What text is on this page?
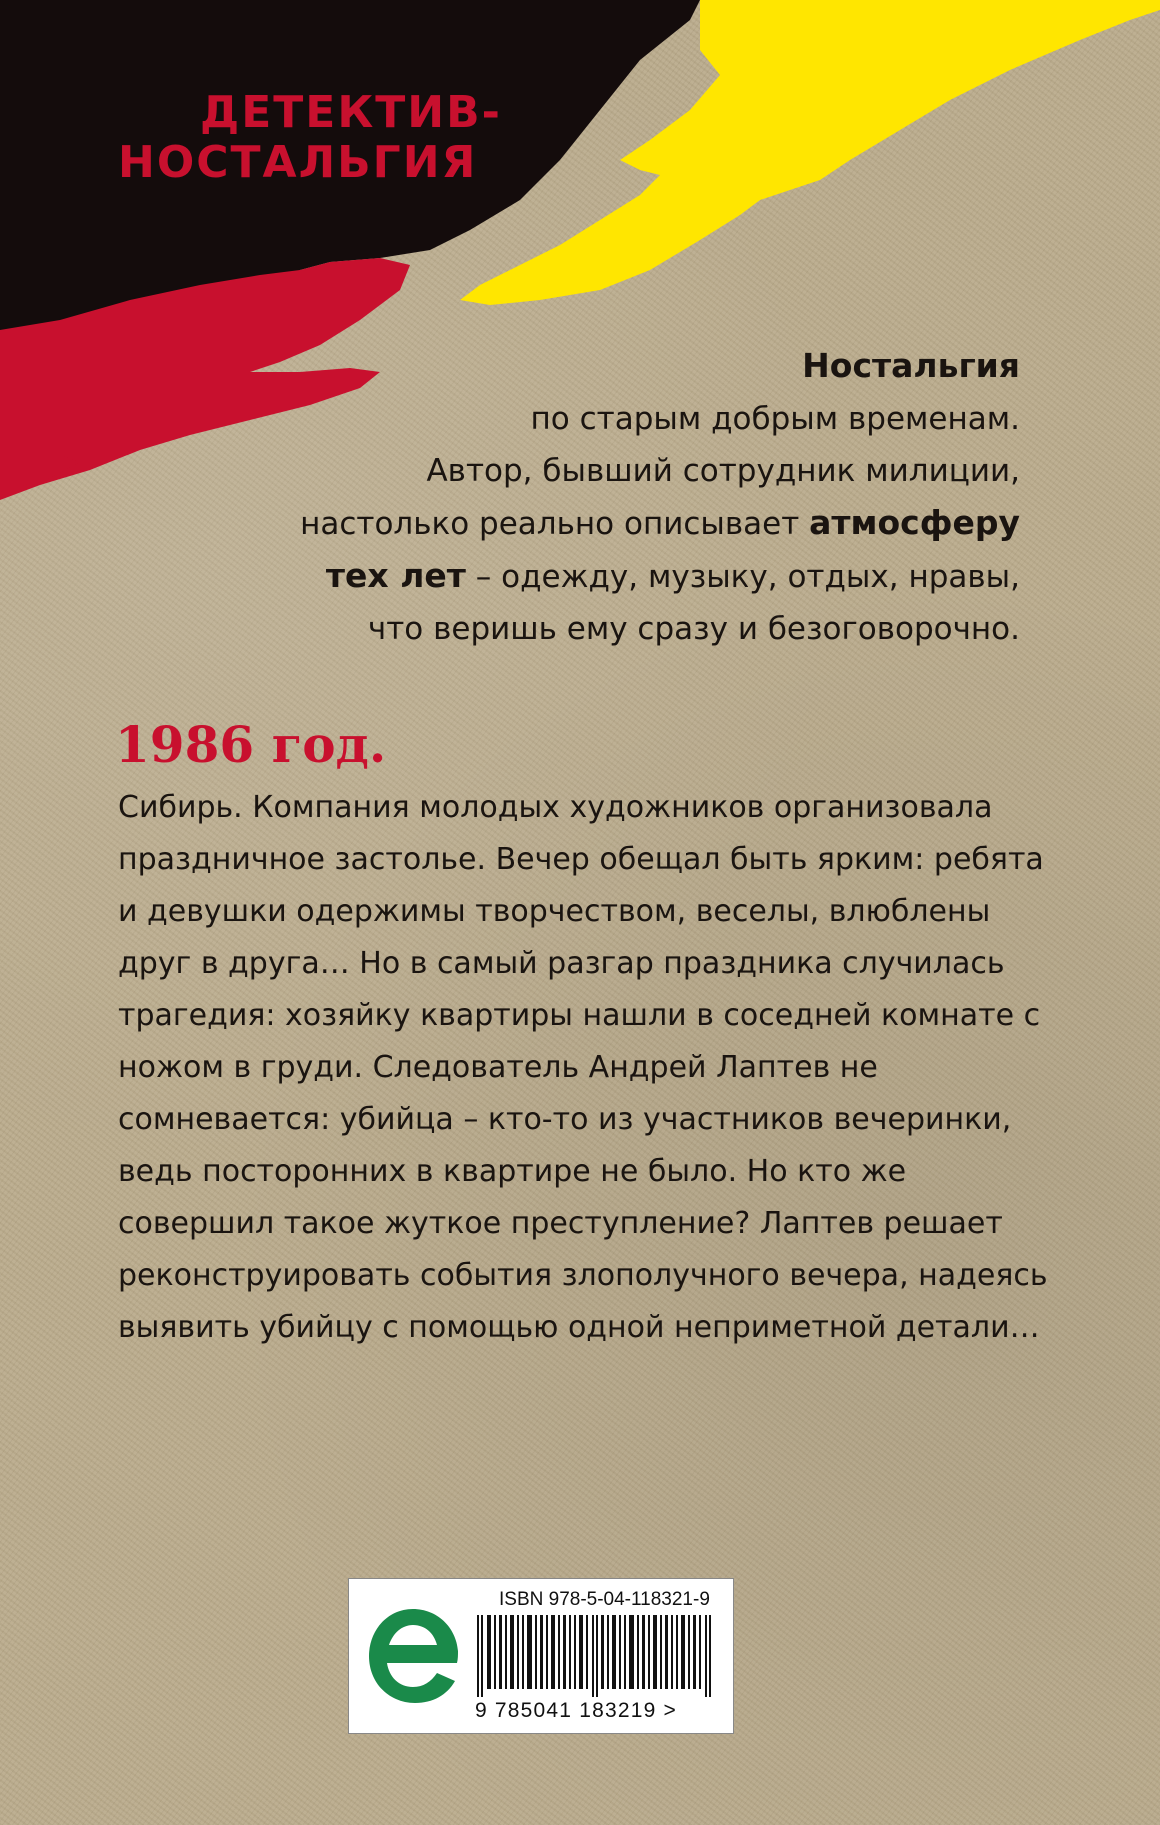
ДЕТЕКТИВ-
НОСТАЛЬГИЯ
Ностальгия
по старым добрым временам.
Автор, бывший сотрудник милиции,
настолько реально описывает атмосферу
тех лет – одежду, музыку, отдых, нравы,
что веришь ему сразу и безоговорочно.
1986 год.

Сибирь. Компания молодых художников организовала праздничное застолье. Вечер обещал быть ярким: ребята и девушки одержимы творчеством, веселы, влюблены друг в друга… Но в самый разгар праздника случилась трагедия: хозяйку квартиры нашли в соседней комнате с ножом в груди. Следователь Андрей Лаптев не сомневается: убийца – кто-то из участников вечеринки, ведь посторонних в квартире не было. Но кто же совершил такое жуткое преступление? Лаптев решает реконструировать события злополучного вечера, надеясь выявить убийцу с помощью одной неприметной детали…

ISBN 978-5-04-118321-9
9 785041 183219 >
